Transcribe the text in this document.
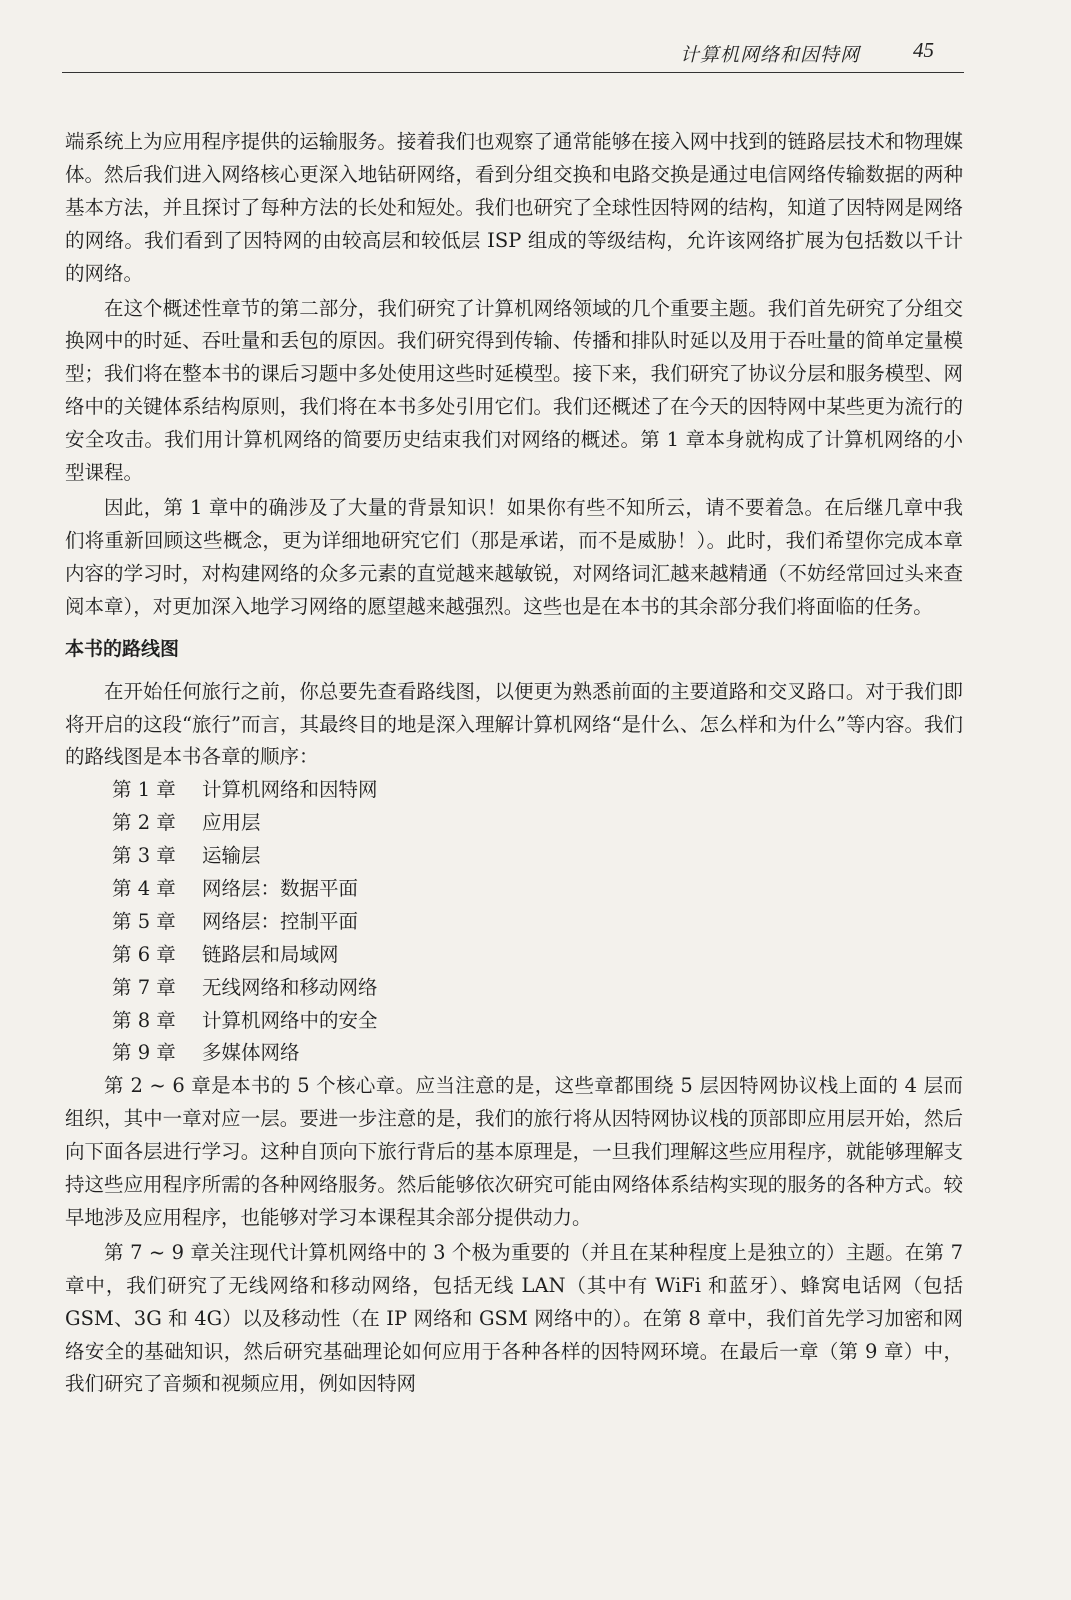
计算机网络和因特网	45

端系统上为应用程序提供的运输服务。接着我们也观察了通常能够在接入网中找到的链路层技术和物理媒体。然后我们进入网络核心更深入地钻研网络，看到分组交换和电路交换是通过电信网络传输数据的两种基本方法，并且探讨了每种方法的长处和短处。我们也研究了全球性因特网的结构，知道了因特网是网络的网络。我们看到了因特网的由较高层和较低层 ISP 组成的等级结构，允许该网络扩展为包括数以千计的网络。

在这个概述性章节的第二部分，我们研究了计算机网络领域的几个重要主题。我们首先研究了分组交换网中的时延、吞吐量和丢包的原因。我们研究得到传输、传播和排队时延以及用于吞吐量的简单定量模型；我们将在整本书的课后习题中多处使用这些时延模型。接下来，我们研究了协议分层和服务模型、网络中的关键体系结构原则，我们将在本书多处引用它们。我们还概述了在今天的因特网中某些更为流行的安全攻击。我们用计算机网络的简要历史结束我们对网络的概述。第 1 章本身就构成了计算机网络的小型课程。

因此，第 1 章中的确涉及了大量的背景知识！如果你有些不知所云，请不要着急。在后继几章中我们将重新回顾这些概念，更为详细地研究它们（那是承诺，而不是威胁！）。此时，我们希望你完成本章内容的学习时，对构建网络的众多元素的直觉越来越敏锐，对网络词汇越来越精通（不妨经常回过头来查阅本章），对更加深入地学习网络的愿望越来越强烈。这些也是在本书的其余部分我们将面临的任务。

本书的路线图

在开始任何旅行之前，你总要先查看路线图，以便更为熟悉前面的主要道路和交叉路口。对于我们即将开启的这段“旅行”而言，其最终目的地是深入理解计算机网络“是什么、怎么样和为什么”等内容。我们的路线图是本书各章的顺序：

第 1 章 计算机网络和因特网
第 2 章 应用层
第 3 章 运输层
第 4 章 网络层：数据平面
第 5 章 网络层：控制平面
第 6 章 链路层和局域网
第 7 章 无线网络和移动网络
第 8 章 计算机网络中的安全
第 9 章 多媒体网络

第 2 ~ 6 章是本书的 5 个核心章。应当注意的是，这些章都围绕 5 层因特网协议栈上面的 4 层而组织，其中一章对应一层。要进一步注意的是，我们的旅行将从因特网协议栈的顶部即应用层开始，然后向下面各层进行学习。这种自顶向下旅行背后的基本原理是，一旦我们理解这些应用程序，就能够理解支持这些应用程序所需的各种网络服务。然后能够依次研究可能由网络体系结构实现的服务的各种方式。较早地涉及应用程序，也能够对学习本课程其余部分提供动力。

第 7 ~ 9 章关注现代计算机网络中的 3 个极为重要的（并且在某种程度上是独立的）主题。在第 7 章中，我们研究了无线网络和移动网络，包括无线 LAN（其中有 WiFi 和蓝牙）、蜂窝电话网（包括 GSM、3G 和 4G）以及移动性（在 IP 网络和 GSM 网络中的）。在第 8 章中，我们首先学习加密和网络安全的基础知识，然后研究基础理论如何应用于各种各样的因特网环境。在最后一章（第 9 章）中，我们研究了音频和视频应用，例如因特网
